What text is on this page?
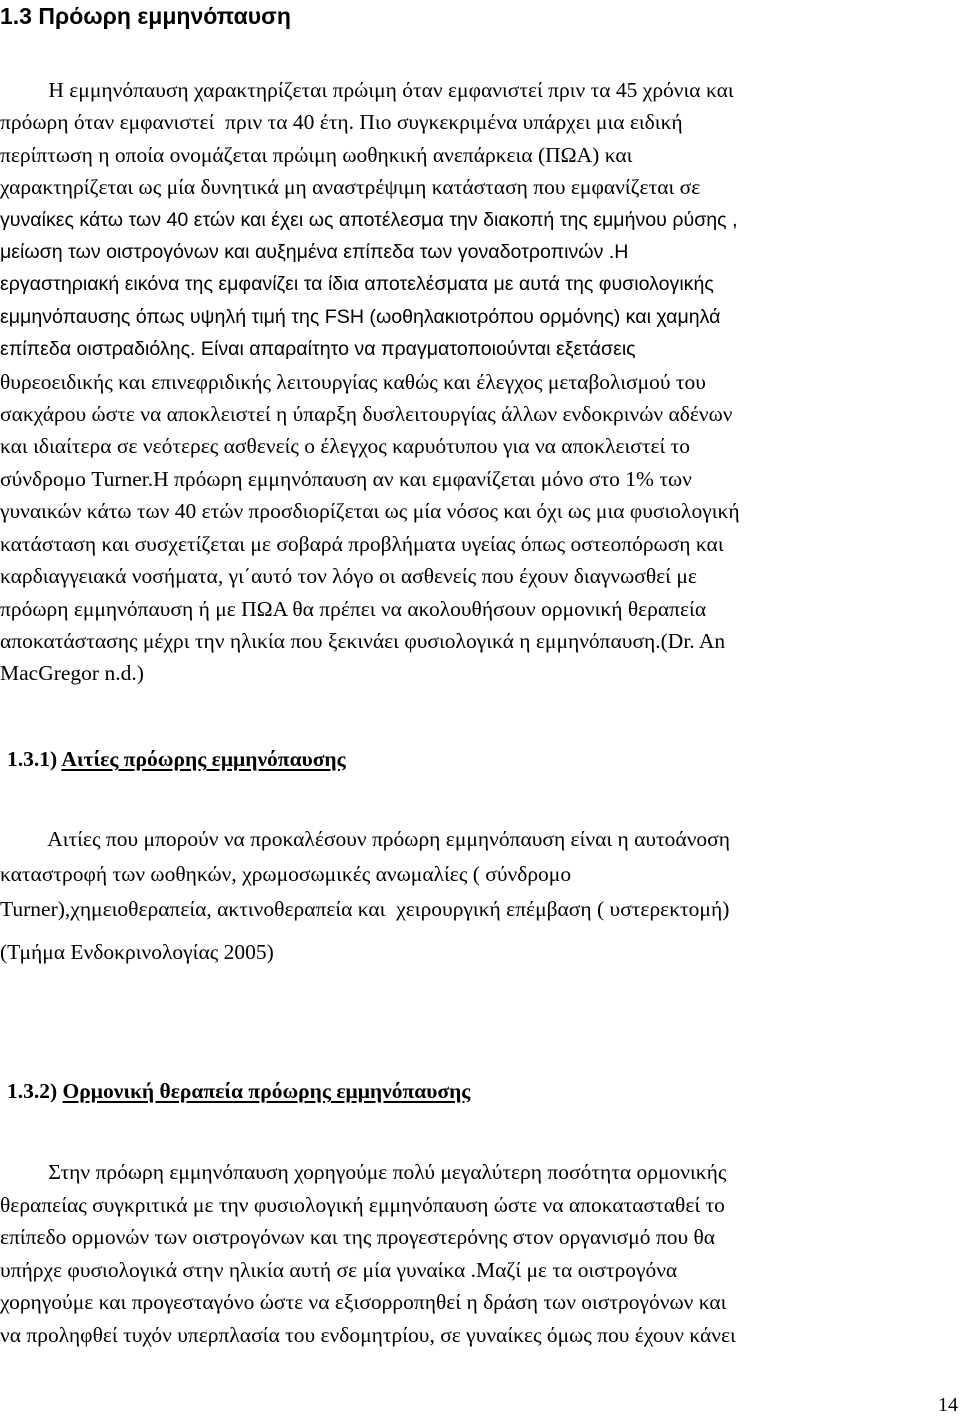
1.3 Πρόωρη εμμηνόπαυση
Η εμμηνόπαυση χαρακτηρίζεται πρώιμη όταν εμφανιστεί πριν τα 45 χρόνια και
πρόωρη όταν εμφανιστεί  πριν τα 40 έτη. Πιο συγκεκριμένα υπάρχει μια ειδική
περίπτωση η οποία ονομάζεται πρώιμη ωοθηκική ανεπάρκεια (ΠΩΑ) και
χαρακτηρίζεται ως μία δυνητικά μη αναστρέψιμη κατάσταση που εμφανίζεται σε
γυναίκες κάτω των 40 ετών και έχει ως αποτέλεσμα την διακοπή της εμμήνου ρύσης ,
μείωση των οιστρογόνων και αυξημένα επίπεδα των γοναδοτροπινών .Η
εργαστηριακή εικόνα της εμφανίζει τα ίδια αποτελέσματα με αυτά της φυσιολογικής
εμμηνόπαυσης όπως υψηλή τιμή της FSH (ωοθηλακιοτρόπου ορμόνης) και χαμηλά
επίπεδα οιστραδιόλης. Είναι απαραίτητο να πραγματοποιούνται εξετάσεις
θυρεοειδικής και επινεφριδικής λειτουργίας καθώς και έλεγχος μεταβολισμού του
σακχάρου ώστε να αποκλειστεί η ύπαρξη δυσλειτουργίας άλλων ενδοκρινών αδένων
και ιδιαίτερα σε νεότερες ασθενείς ο έλεγχος καρυότυπου για να αποκλειστεί το
σύνδρομο Turner.Η πρόωρη εμμηνόπαυση αν και εμφανίζεται μόνο στο 1% των
γυναικών κάτω των 40 ετών προσδιορίζεται ως μία νόσος και όχι ως μια φυσιολογική
κατάσταση και συσχετίζεται με σοβαρά προβλήματα υγείας όπως οστεοπόρωση και
καρδιαγγειακά νοσήματα, γι΄αυτό τον λόγο οι ασθενείς που έχουν διαγνωσθεί με
πρόωρη εμμηνόπαυση ή με ΠΩΑ θα πρέπει να ακολουθήσουν ορμονική θεραπεία
αποκατάστασης μέχρι την ηλικία που ξεκινάει φυσιολογικά η εμμηνόπαυση.(Dr. An
MacGregor n.d.)
1.3.1) Αιτίες πρόωρης εμμηνόπαυσης
Αιτίες που μπορούν να προκαλέσουν πρόωρη εμμηνόπαυση είναι η αυτοάνοση
καταστροφή των ωοθηκών, χρωμοσωμικές ανωμαλίες ( σύνδρομο
Turner),χημειοθεραπεία, ακτινοθεραπεία και  χειρουργική επέμβαση ( υστερεκτομή)
(Τμήμα Ενδοκρινολογίας 2005)
1.3.2) Ορμονική θεραπεία πρόωρης εμμηνόπαυσης
Στην πρόωρη εμμηνόπαυση χορηγούμε πολύ μεγαλύτερη ποσότητα ορμονικής
θεραπείας συγκριτικά με την φυσιολογική εμμηνόπαυση ώστε να αποκατασταθεί το
επίπεδο ορμονών των οιστρογόνων και της προγεστερόνης στον οργανισμό που θα
υπήρχε φυσιολογικά στην ηλικία αυτή σε μία γυναίκα .Μαζί με τα οιστρογόνα
χορηγούμε και προγεσταγόνο ώστε να εξισορροπηθεί η δράση των οιστρογόνων και
να προληφθεί τυχόν υπερπλασία του ενδομητρίου, σε γυναίκες όμως που έχουν κάνει
14
